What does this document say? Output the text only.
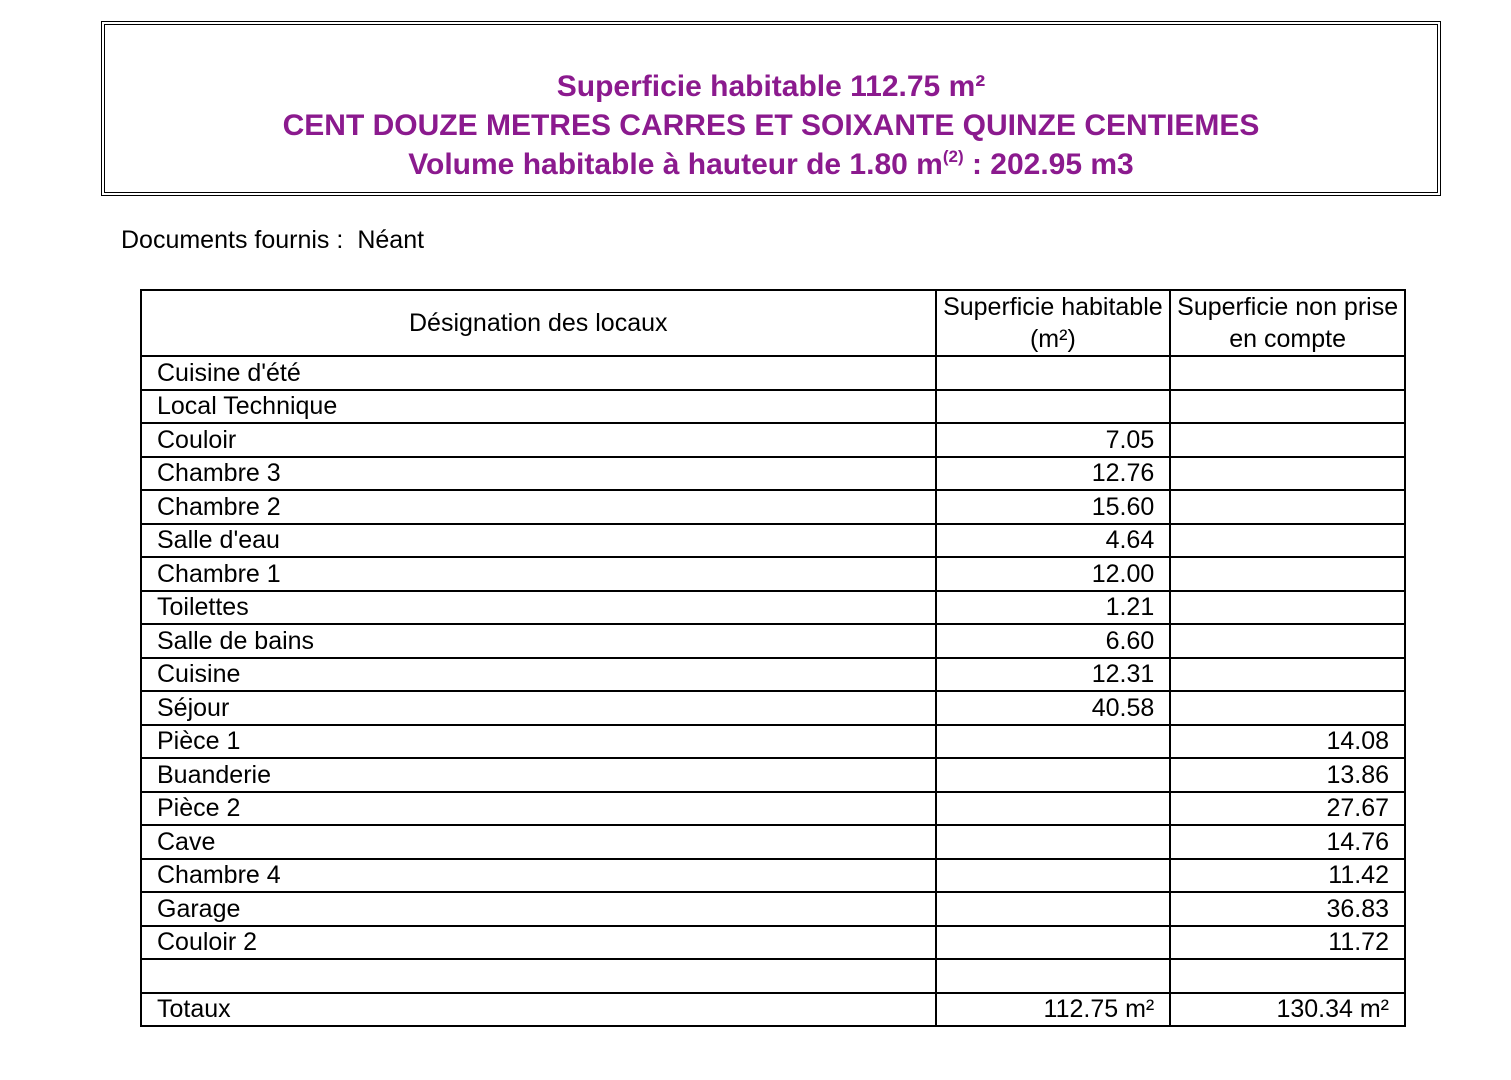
Superficie habitable 112.75 m²
CENT DOUZE METRES CARRES ET SOIXANTE QUINZE CENTIEMES
Volume habitable à hauteur de 1.80 $m^{(2)}$ : 202.95 m3
Documents fournis : Néant
Désignation des locaux	Superficie habitable (m²)	Superficie non prise en compte
Cuisine d'été		
Local Technique		
Couloir	7.05	
Chambre 3	12.76	
Chambre 2	15.60	
Salle d'eau	4.64	
Chambre 1	12.00	
Toilettes	1.21	
Salle de bains	6.60	
Cuisine	12.31	
Séjour	40.58	
Pièce 1		14.08
Buanderie		13.86
Pièce 2		27.67
Cave		14.76
Chambre 4		11.42
Garage		36.83
Couloir 2		11.72

Totaux	112.75 m²	130.34 m²
